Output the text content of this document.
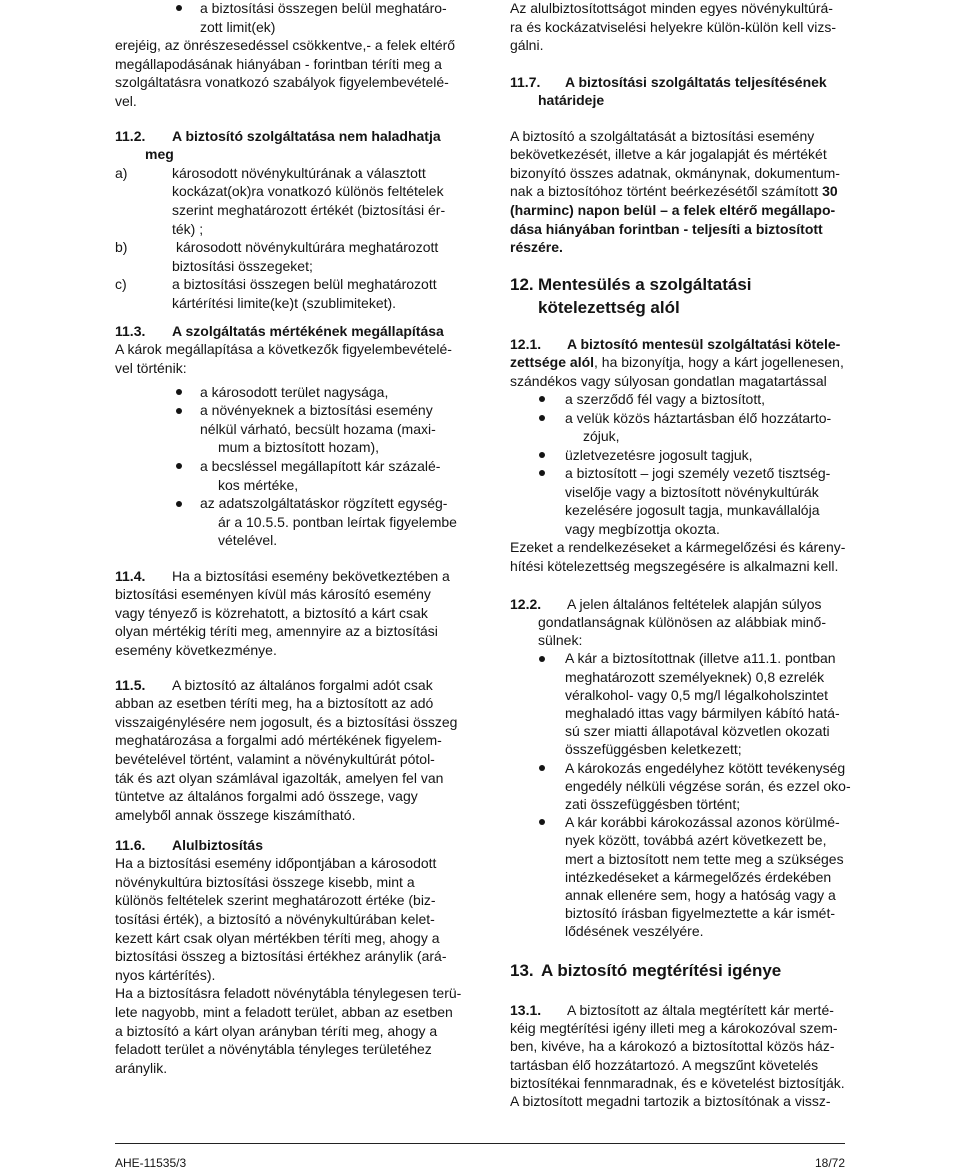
a biztosítási összegen belül meghatáro-
zott limit(ek)
erejéig, az önrészesedéssel csökkentve,- a felek eltérő
megállapodásának hiányában - forintban téríti meg a
szolgáltatásra vonatkozó szabályok figyelembevételé-
vel.
11.2. A biztosító szolgáltatása nem haladhatja
meg
a)	károsodott növénykultúrának a választott
kockázat(ok)ra vonatkozó különös feltételek
szerint meghatározott értékét (biztosítási ér-
ték) ;
b)	károsodott növénykultúrára meghatározott
biztosítási összegeket;
c)	a biztosítási összegen belül meghatározott
kártérítési limite(ke)t (szublimiteket).
11.3. A szolgáltatás mértékének megállapítása
A károk megállapítása a következők figyelembevételé-
vel történik:
a károsodott terület nagysága,
a növényeknek a biztosítási esemény
nélkül várható, becsült hozama (maxi-
mum a biztosított hozam),
a becsléssel megállapított kár százalé-
kos mértéke,
az adatszolgáltatáskor rögzített egység-
ár a 10.5.5. pontban leírtak figyelembe
vételével.
11.4. Ha a biztosítási esemény bekövetkeztében a
biztosítási eseményen kívül más károsító esemény
vagy tényező is közrehatott, a biztosító a kárt csak
olyan mértékig téríti meg, amennyire az a biztosítási
esemény következménye.
11.5. A biztosító az általános forgalmi adót csak
abban az esetben téríti meg, ha a biztosított az adó
visszaigénylésére nem jogosult, és a biztosítási összeg
meghatározása a forgalmi adó mértékének figyelem-
bevételével történt, valamint a növénykultúrát pótol-
ták és azt olyan számlával igazolták, amelyen fel van
tüntetve az általános forgalmi adó összege, vagy
amelyből annak összege kiszámítható.
11.6. Alulbiztosítás
Ha a biztosítási esemény időpontjában a károsodott
növénykultúra biztosítási összege kisebb, mint a
különös feltételek szerint meghatározott értéke (biz-
tosítási érték), a biztosító a növénykultúrában kelet-
kezett kárt csak olyan mértékben téríti meg, ahogy a
biztosítási összeg a biztosítási értékhez aránylik (ará-
nyos kártérítés).
Ha a biztosításra feladott növénytábla ténylegesen terü-
lete nagyobb, mint a feladott terület, abban az esetben
a biztosító a kárt olyan arányban téríti meg, ahogy a
feladott terület a növénytábla tényleges területéhez
aránylik.
Az alulbiztosítottságot minden egyes növénykultúrá-
ra és kockázatviselési helyekre külön-külön kell vizs-
gálni.
11.7. A biztosítási szolgáltatás teljesítésének
határideje
A biztosító a szolgáltatását a biztosítási esemény
bekövetkezését, illetve a kár jogalapját és mértékét
bizonyító összes adatnak, okmánynak, dokumentum-
nak a biztosítóhoz történt beérkezésétől számított 30
(harminc) napon belül – a felek eltérő megállapo-
dása hiányában forintban - teljesíti a biztosított
részére.
12. Mentesülés a szolgáltatási
kötelezettség alól
12.1. A biztosító mentesül szolgáltatási kötele-
zettsége alól, ha bizonyítja, hogy a kárt jogellenesen,
szándékos vagy súlyosan gondatlan magatartással
a szerződő fél vagy a biztosított,
a velük közös háztartásban élő hozzátarto-
zójuk,
üzletvezetésre jogosult tagjuk,
a biztosított – jogi személy vezető tisztség-
viselője vagy a biztosított növénykultúrák
kezelésére jogosult tagja, munkavállalója
vagy megbízottja okozta.
Ezeket a rendelkezéseket a kármegelőzési és káreny-
hítési kötelezettség megszegésére is alkalmazni kell.
12.2. A jelen általános feltételek alapján súlyos
gondatlanságnak különösen az alábbiak minő-
sülnek:
A kár a biztosítottnak (illetve a11.1. pontban
meghatározott személyeknek) 0,8 ezrelék
véralkohol- vagy 0,5 mg/l légalkoholszintet
meghaladó ittas vagy bármilyen kábító hatá-
sú szer miatti állapotával közvetlen okozati
összefüggésben keletkezett;
A károkozás engedélyhez kötött tevékenység
engedély nélküli végzése során, és ezzel oko-
zati összefüggésben történt;
A kár korábbi károkozással azonos körülmé-
nyek között, továbbá azért következett be,
mert a biztosított nem tette meg a szükséges
intézkedéseket a kármegelőzés érdekében
annak ellenére sem, hogy a hatóság vagy a
biztosító írásban figyelmeztette a kár ismét-
lődésének veszélyére.
13. A biztosító megtérítési igénye
13.1. A biztosított az általa megtérített kár merté-
kéig megtérítési igény illeti meg a károkozóval szem-
ben, kivéve, ha a károkozó a biztosítottal közös ház-
tartásban élő hozzátartozó. A megszűnt követelés
biztosítékai fennmaradnak, és e követelést biztosítják.
A biztosított megadni tartozik a biztosítónak a vissz-
AHE-11535/3	18/72
